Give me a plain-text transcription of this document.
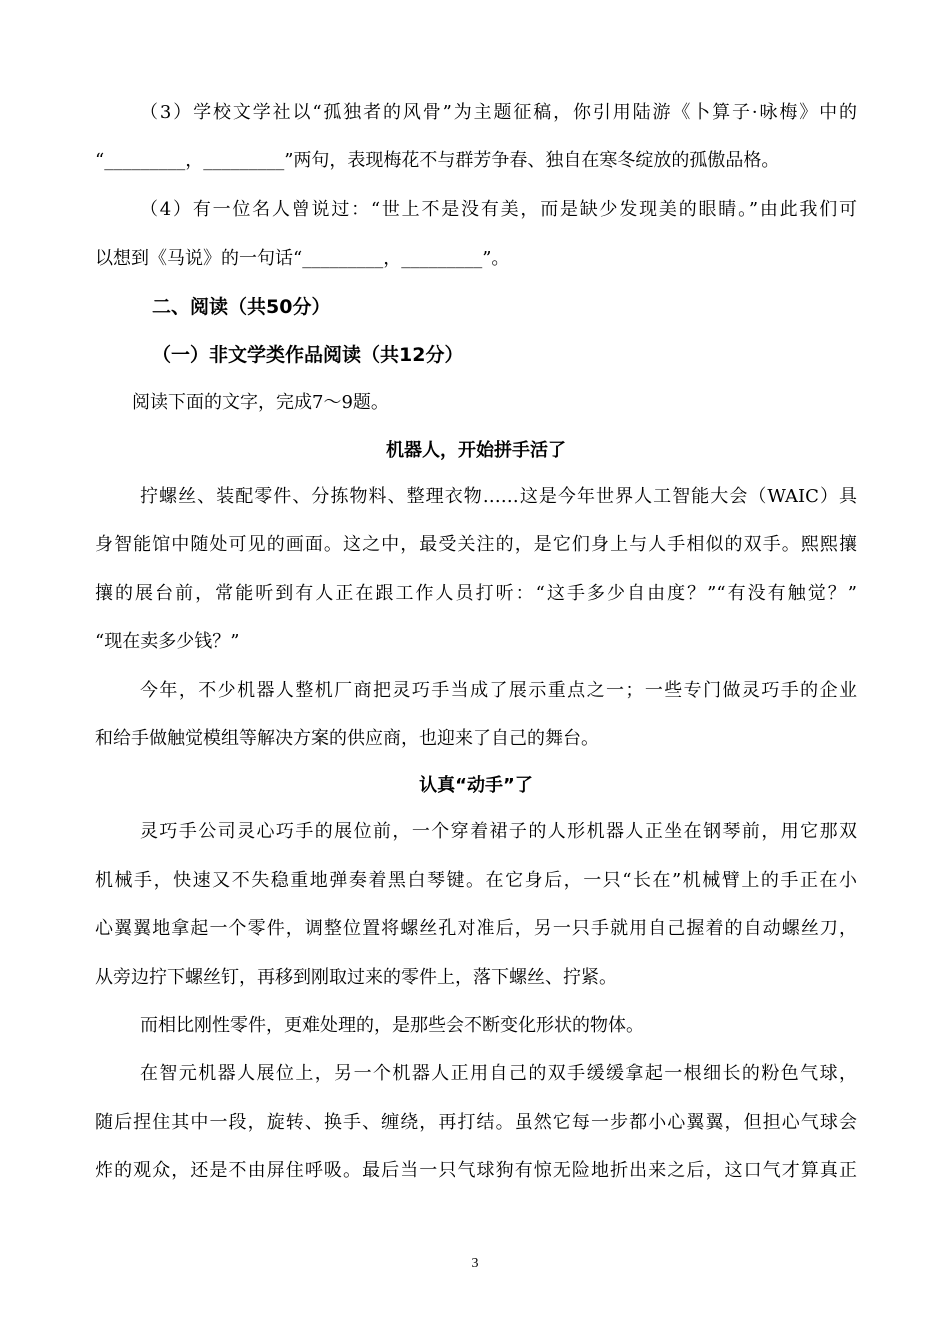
（3）学校文学社以“孤独者的风骨”为主题征稿，你引用陆游《卜算子·咏梅》中的
“_________，_________”两句，表现梅花不与群芳争春、独自在寒冬绽放的孤傲品格。
（4）有一位名人曾说过：“世上不是没有美，而是缺少发现美的眼睛。”由此我们可
以想到《马说》的一句话“_________，_________”。
二、阅读（共50分）
（一）非文学类作品阅读（共12分）
阅读下面的文字，完成7～9题。
机器人，开始拼手活了
拧螺丝、装配零件、分拣物料、整理衣物……这是今年世界人工智能大会（WAIC）具
身智能馆中随处可见的画面。这之中，最受关注的，是它们身上与人手相似的双手。熙熙攘
攘的展台前，常能听到有人正在跟工作人员打听：“这手多少自由度？”“有没有触觉？”
“现在卖多少钱？”
今年，不少机器人整机厂商把灵巧手当成了展示重点之一；一些专门做灵巧手的企业
和给手做触觉模组等解决方案的供应商，也迎来了自己的舞台。
认真“动手”了
灵巧手公司灵心巧手的展位前，一个穿着裙子的人形机器人正坐在钢琴前，用它那双
机械手，快速又不失稳重地弹奏着黑白琴键。在它身后，一只“长在”机械臂上的手正在小
心翼翼地拿起一个零件，调整位置将螺丝孔对准后，另一只手就用自己握着的自动螺丝刀，
从旁边拧下螺丝钉，再移到刚取过来的零件上，落下螺丝、拧紧。
而相比刚性零件，更难处理的，是那些会不断变化形状的物体。
在智元机器人展位上，另一个机器人正用自己的双手缓缓拿起一根细长的粉色气球，
随后捏住其中一段，旋转、换手、缠绕，再打结。虽然它每一步都小心翼翼，但担心气球会
炸的观众，还是不由屏住呼吸。最后当一只气球狗有惊无险地折出来之后，这口气才算真正
3
